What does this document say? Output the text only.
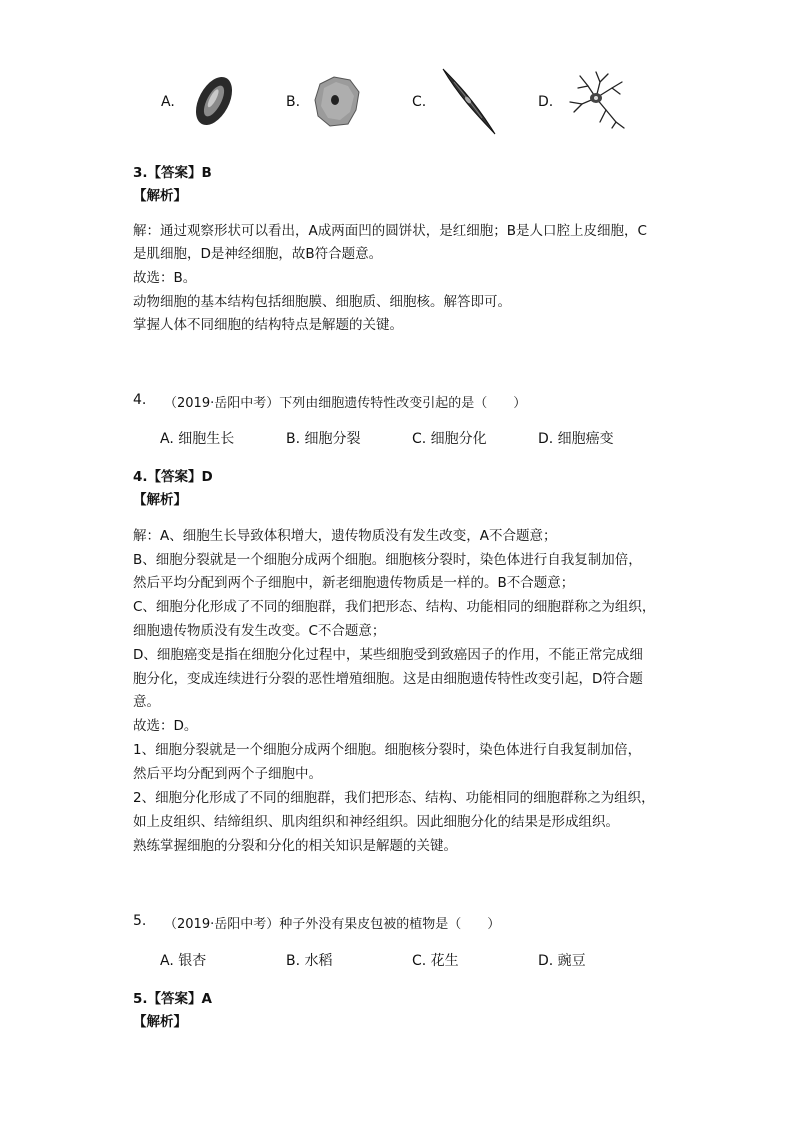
A.	B.	C.	D.
3.【答案】B
【解析】
解：通过观察形状可以看出，A成两面凹的圆饼状，是红细胞；B是人口腔上皮细胞，C
是肌细胞，D是神经细胞，故B符合题意。
故选：B。
动物细胞的基本结构包括细胞膜、细胞质、细胞核。解答即可。
掌握人体不同细胞的结构特点是解题的关键。
4. （2019·岳阳中考）下列由细胞遗传特性改变引起的是（　　）
A. 细胞生长	B. 细胞分裂	C. 细胞分化	D. 细胞癌变
4.【答案】D
【解析】
解：A、细胞生长导致体积增大，遗传物质没有发生改变，A不合题意；
B、细胞分裂就是一个细胞分成两个细胞。细胞核分裂时，染色体进行自我复制加倍，
然后平均分配到两个子细胞中，新老细胞遗传物质是一样的。B不合题意；
C、细胞分化形成了不同的细胞群，我们把形态、结构、功能相同的细胞群称之为组织，
细胞遗传物质没有发生改变。C不合题意；
D、细胞癌变是指在细胞分化过程中，某些细胞受到致癌因子的作用，不能正常完成细
胞分化，变成连续进行分裂的恶性增殖细胞。这是由细胞遗传特性改变引起，D符合题
意。
故选：D。
1、细胞分裂就是一个细胞分成两个细胞。细胞核分裂时，染色体进行自我复制加倍，
然后平均分配到两个子细胞中。
2、细胞分化形成了不同的细胞群，我们把形态、结构、功能相同的细胞群称之为组织，
如上皮组织、结缔组织、肌肉组织和神经组织。因此细胞分化的结果是形成组织。
熟练掌握细胞的分裂和分化的相关知识是解题的关键。
5. （2019·岳阳中考）种子外没有果皮包被的植物是（　　）
A. 银杏	B. 水稻	C. 花生	D. 豌豆
5.【答案】A
【解析】
